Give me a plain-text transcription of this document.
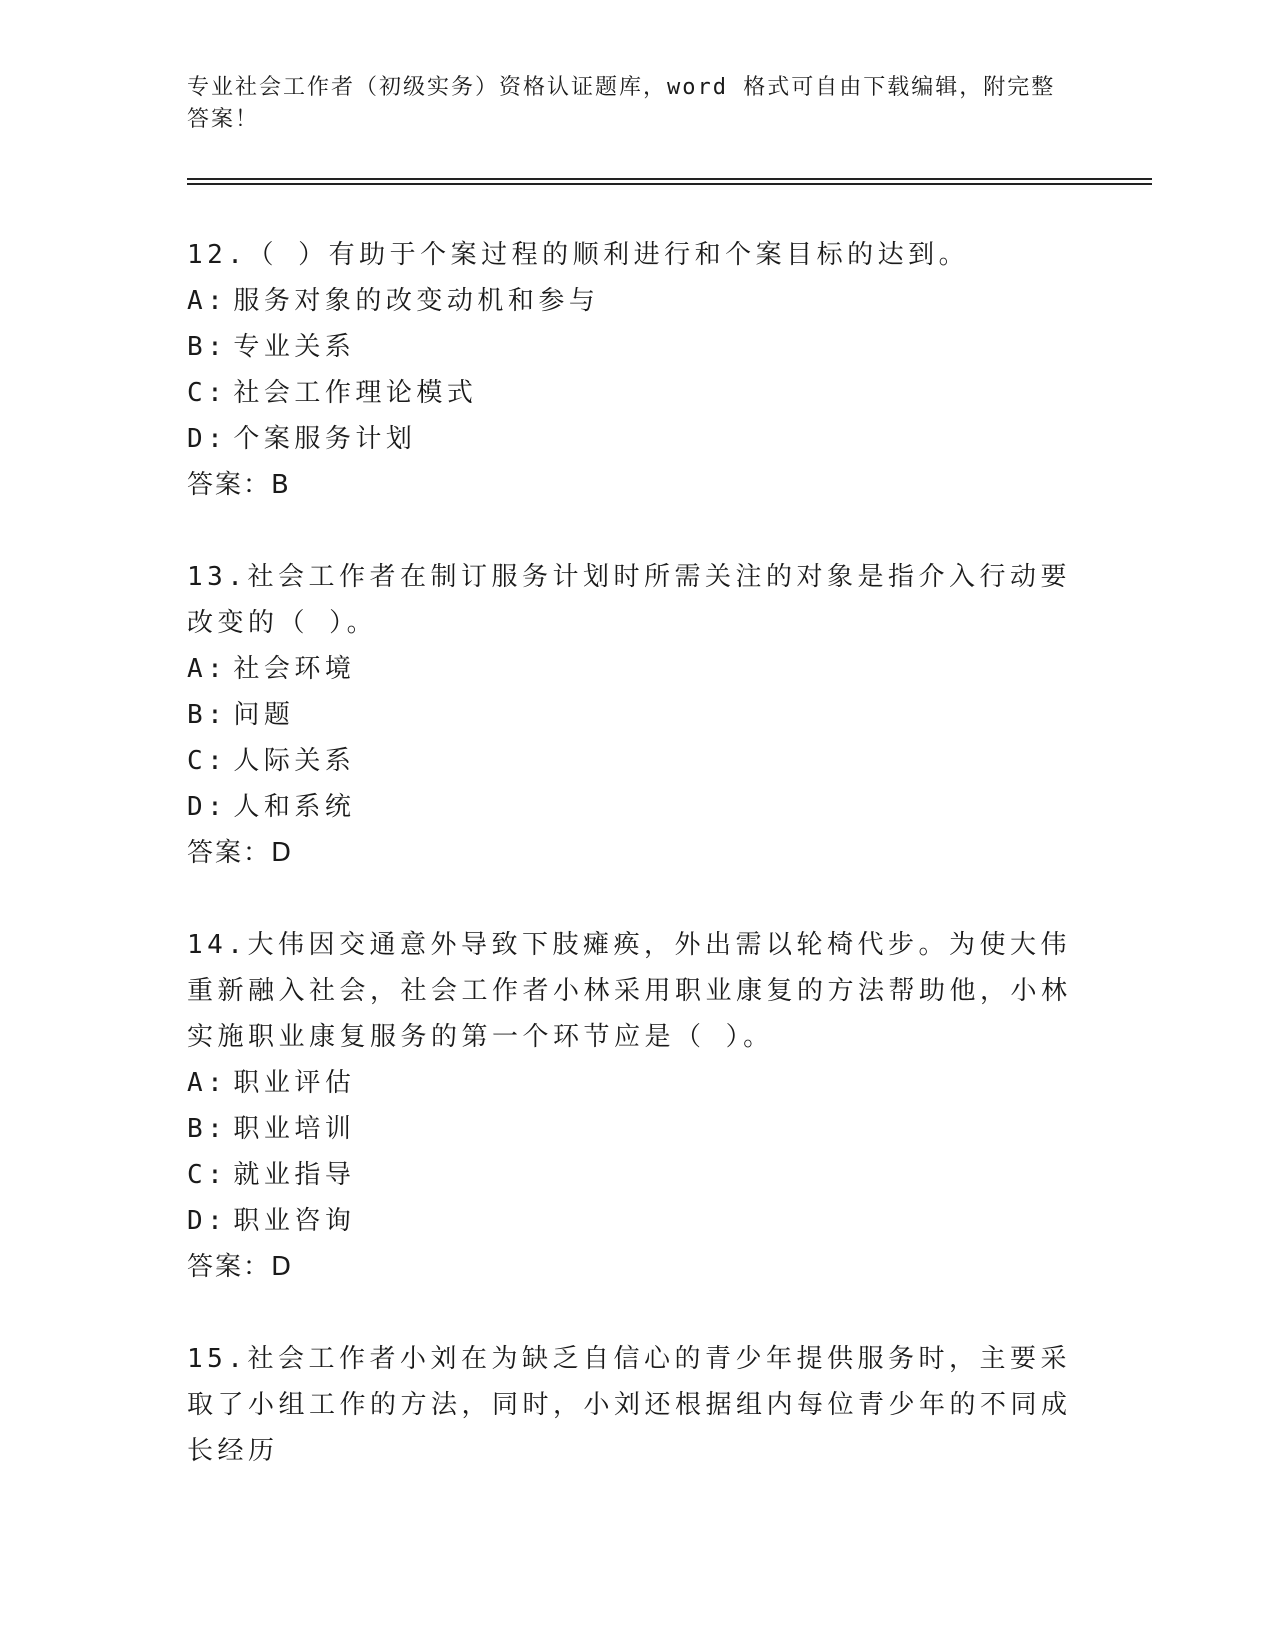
专业社会工作者（初级实务）资格认证题库，word 格式可自由下载编辑，附完整答案！

12.（ ）有助于个案过程的顺利进行和个案目标的达到。

A: 服务对象的改变动机和参与

B: 专业关系

C: 社会工作理论模式

D: 个案服务计划

答案：B

13.社会工作者在制订服务计划时所需关注的对象是指介入行动要改变的（ ）。

A: 社会环境

B: 问题

C: 人际关系

D: 人和系统

答案：D

14.大伟因交通意外导致下肢瘫痪，外出需以轮椅代步。为使大伟重新融入社会，社会工作者小林采用职业康复的方法帮助他，小林实施职业康复服务的第一个环节应是（ ）。

A: 职业评估

B: 职业培训

C: 就业指导

D: 职业咨询

答案：D

15.社会工作者小刘在为缺乏自信心的青少年提供服务时，主要采取了小组工作的方法，同时，小刘还根据组内每位青少年的不同成长经历
